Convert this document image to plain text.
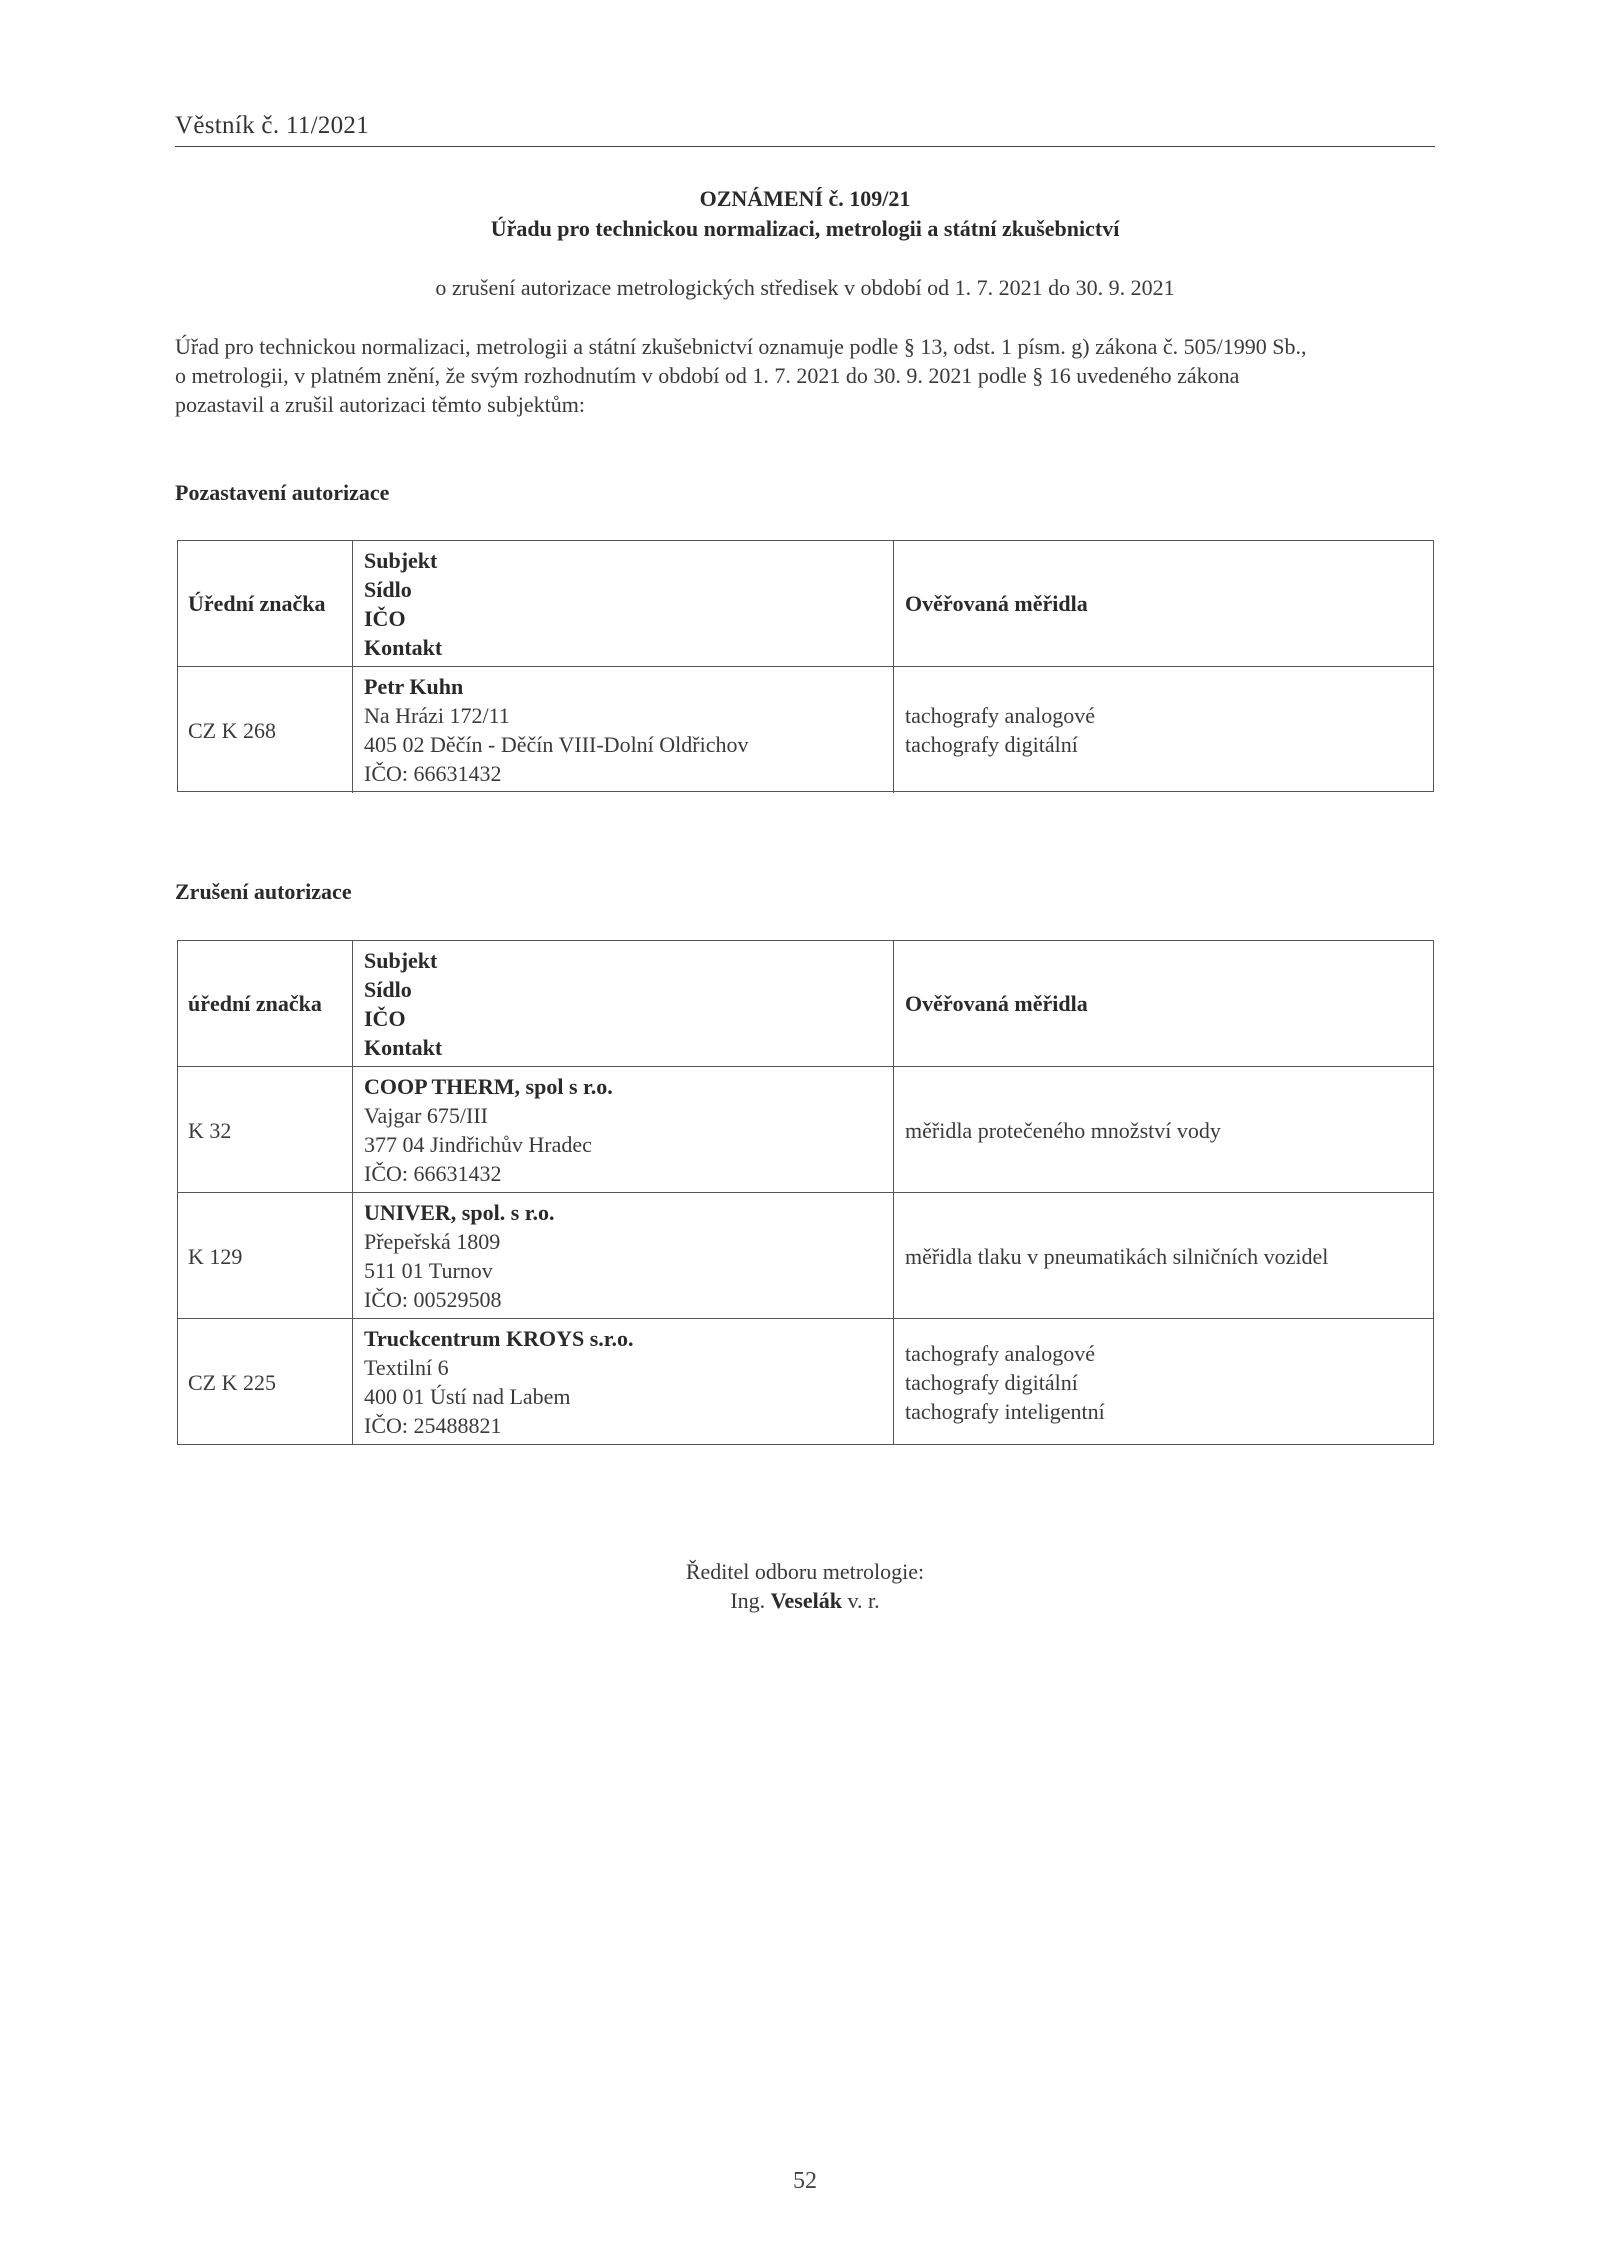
Věstník č. 11/2021
OZNÁMENÍ č. 109/21
Úřadu pro technickou normalizaci, metrologii a státní zkušebnictví
o zrušení autorizace metrologických středisek v období od 1. 7. 2021 do 30. 9. 2021

Úřad pro technickou normalizaci, metrologii a státní zkušebnictví oznamuje podle § 13, odst. 1 písm. g) zákona č. 505/1990 Sb.,

o metrologii, v platném znění, že svým rozhodnutím v období od 1. 7. 2021 do 30. 9. 2021 podle § 16 uvedeného zákona

pozastavil a zrušil autorizaci těmto subjektům:

Pozastavení autorizace
Úřední značka
Subjekt
Sídlo
IČO
Kontakt
Ověřovaná měřidla
CZ K 268
Petr Kuhn
Na Hrázi 172/11
405 02 Děčín - Děčín VIII-Dolní Oldřichov
IČO: 66631432
tachografy analogové
tachografy digitální
Zrušení autorizace
úřední značka
Subjekt
Sídlo
IČO
Kontakt
Ověřovaná měřidla
K 32
COOP THERM, spol s r.o.
Vajgar 675/III
377 04 Jindřichův Hradec
IČO: 66631432
měřidla protečeného množství vody
K 129
UNIVER, spol. s r.o.
Přepeřská 1809
511 01 Turnov
IČO: 00529508
měřidla tlaku v pneumatikách silničních vozidel
CZ K 225
Truckcentrum KROYS s.r.o.
Textilní 6
400 01 Ústí nad Labem
IČO: 25488821
tachografy analogové
tachografy digitální
tachografy inteligentní
Ředitel odboru metrologie:
Ing. Veselák v. r.
52
